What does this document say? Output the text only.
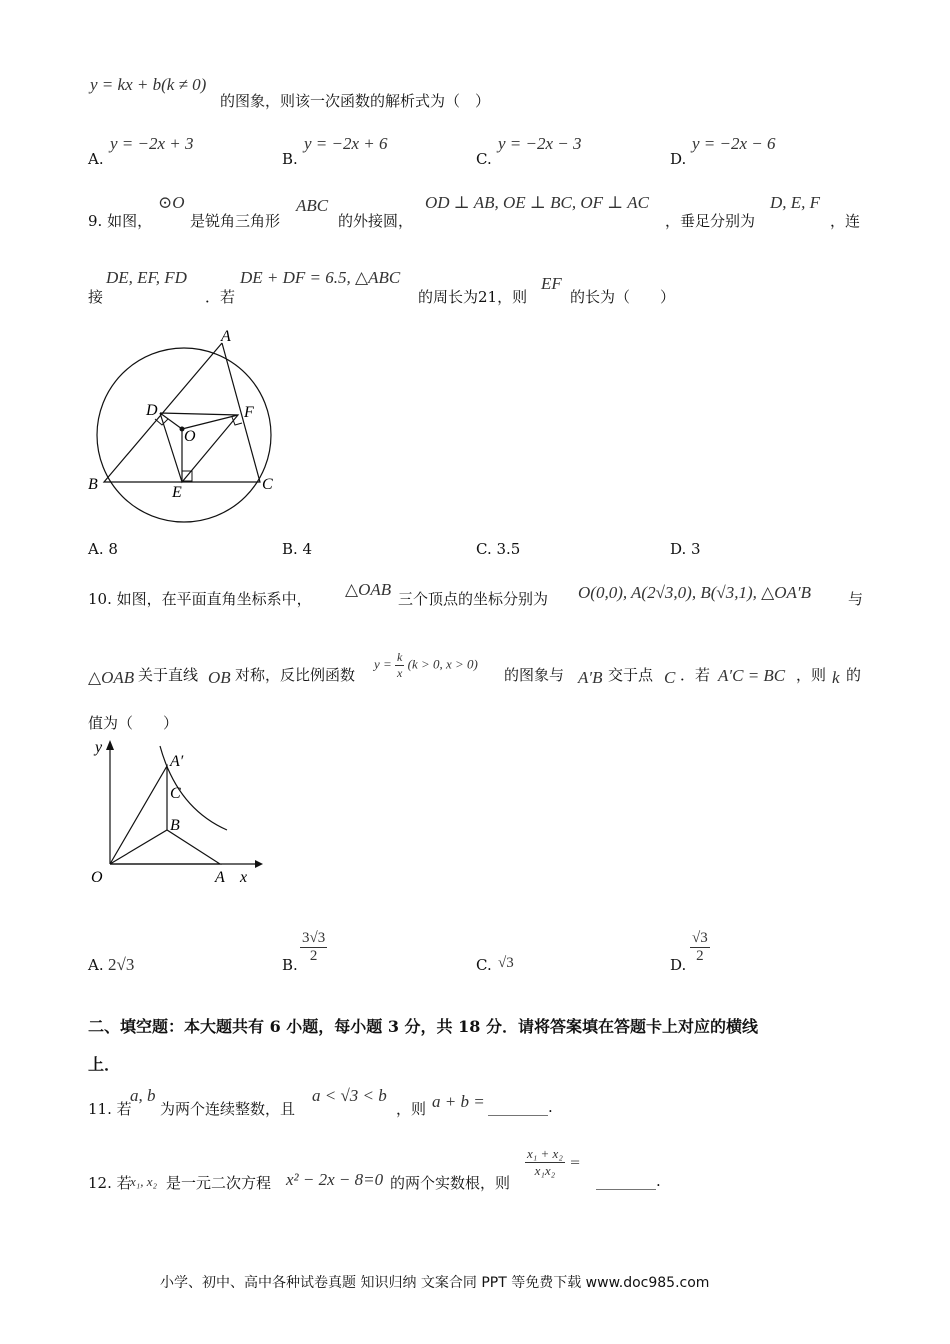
y = kx + b(k ≠ 0)
的图象，则该一次函数的解析式为（　）
A.
y = −2x + 3
B.
y = −2x + 6
C.
y = −2x − 3
D.
y = −2x − 6
9. 如图，
⊙O
是锐角三角形
ABC
的外接圆，
OD ⊥ AB, OE ⊥ BC, OF ⊥ AC
，垂足分别为
D, E, F
，连
接
DE, EF, FD
．若
DE + DF = 6.5, △ABC
的周长为21，则
EF
的长为（　　）
A
B	C
D
E
F
O
A. 8	B. 4	C. 3.5	D. 3
10. 如图，在平面直角坐标系中， △OAB 三个顶点的坐标分别为 O(0,0), A(2√3,0), B(√3,1), △OA′B 与
△OAB 关于直线 OB 对称，反比例函数
$y = \frac{k}{x} (k > 0$, x > 0)
的图象与 A′B 交于点 C ．若 A′C = BC ，则 k 的
值为（　　）
y
x
O	A
B
C
A′
A. 2√3	B. $\frac{3√3}{2}$	C. √3	D. $\frac{√3}{2}$
二、填空题：本大题共有 6 小题，每小题 3 分，共 18 分．请将答案填在答题卡上对应的横线
上．
11. 若
a, b
为两个连续整数，且
a < √3 < b
，则 a + b = ________.
12. 若
x₁, x₂ 是一元二次方程 x² − 2x − 8=0 的两个实数根，则
$\frac{\text{x₁ + x₂}}{\text{x₁x₂}}$ =
________.
小学、初中、高中各种试卷真题 知识归纳 文案合同 PPT 等免费下载 www.doc985.com
